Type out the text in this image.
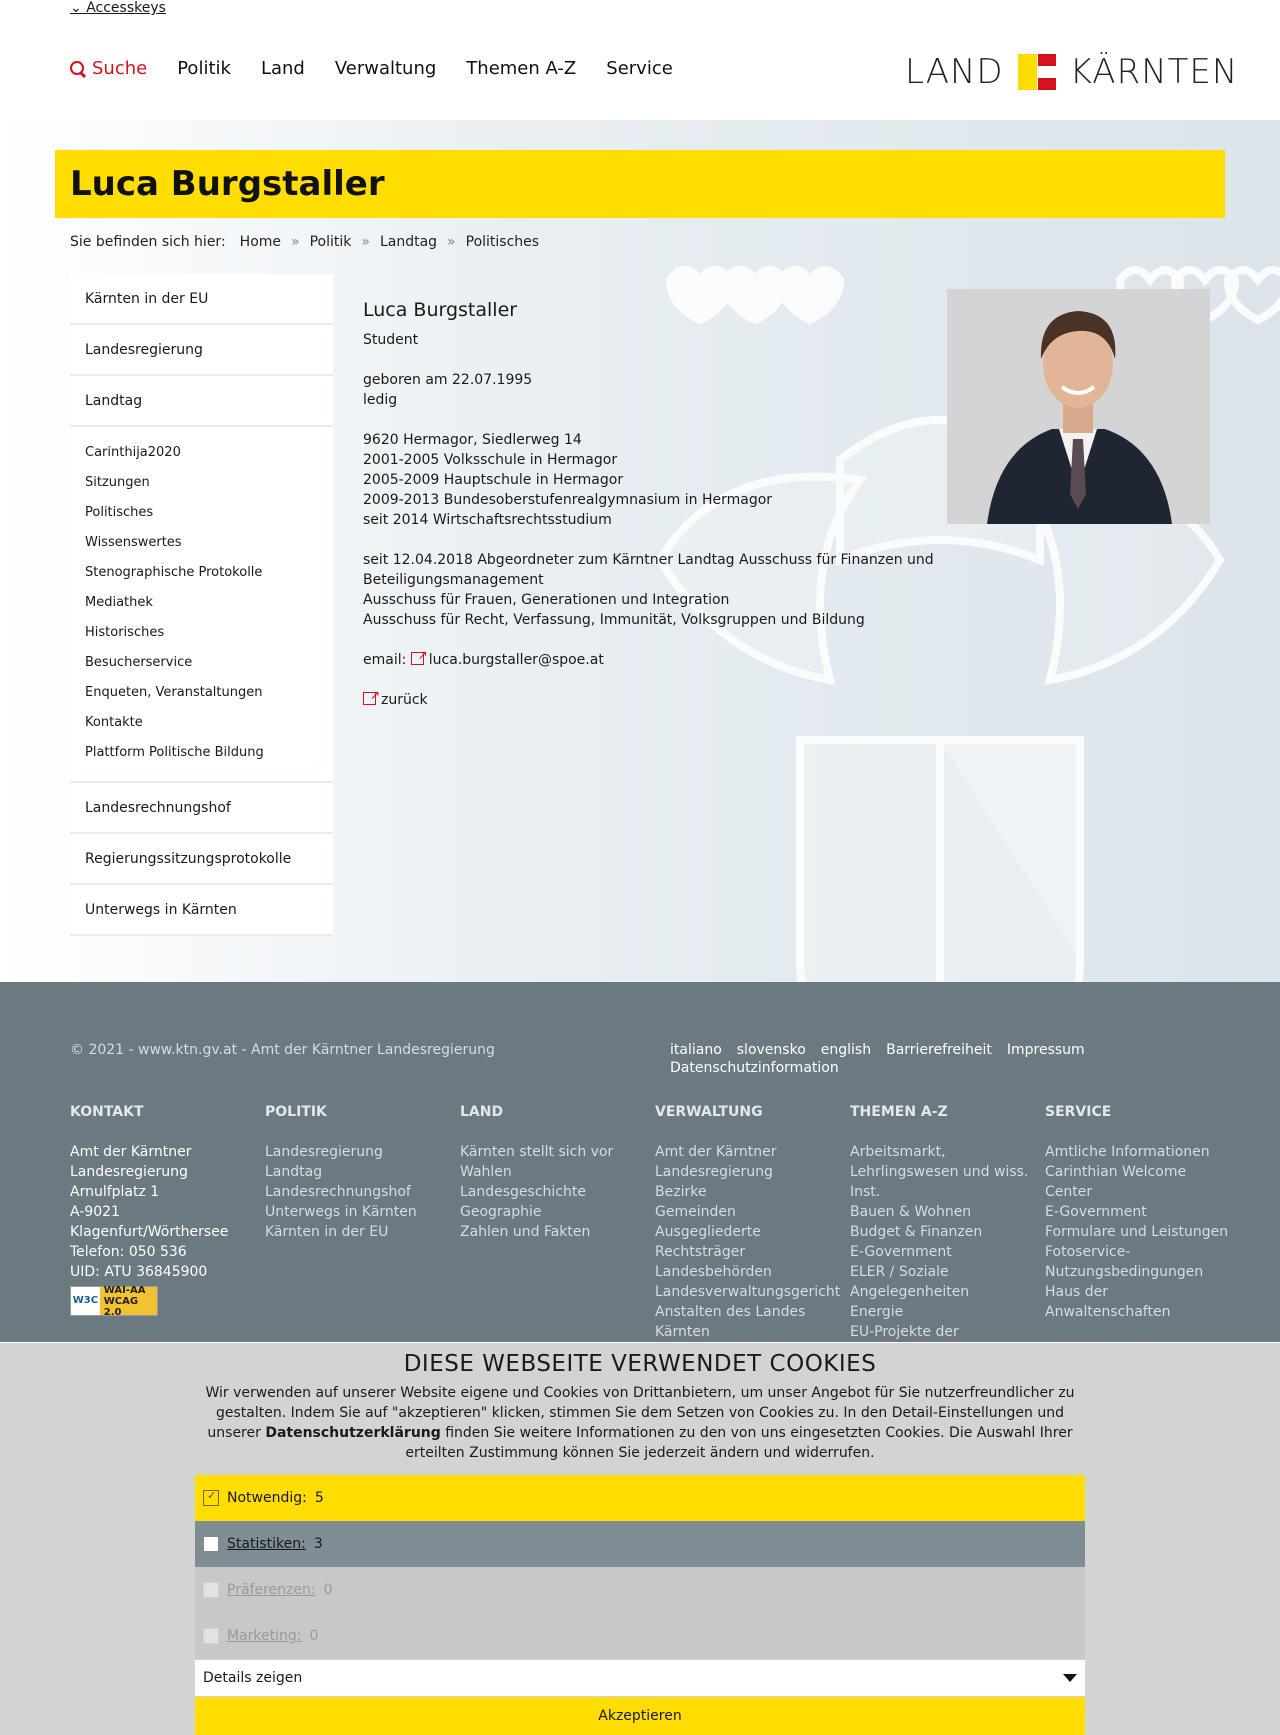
⌄ Accesskeys
Suche Politik Land Verwaltung Themen A-Z Service	LAND KÄRNTEN
Luca Burgstaller
Sie befinden sich hier: Home » Politik » Landtag » Politisches
Kärnten in der EU
Landesregierung
Landtag
Carinthija2020
Sitzungen
Politisches
Wissenswertes
Stenographische Protokolle
Mediathek
Historisches
Besucherservice
Enqueten, Veranstaltungen
Kontakte
Plattform Politische Bildung
Landesrechnungshof
Regierungssitzungsprotokolle
Unterwegs in Kärnten
Luca Burgstaller

Student

geboren am 22.07.1995
ledig

9620 Hermagor, Siedlerweg 14
2001-2005 Volksschule in Hermagor
2005-2009 Hauptschule in Hermagor
2009-2013 Bundesoberstufenrealgymnasium in Hermagor
seit 2014 Wirtschaftsrechtsstudium

seit 12.04.2018 Abgeordneter zum Kärntner Landtag Ausschuss für Finanzen und Beteiligungsmanagement
Ausschuss für Frauen, Generationen und Integration
Ausschuss für Recht, Verfassung, Immunität, Volksgruppen und Bildung

email: ↗ luca.burgstaller@spoe.at

↗zurück

© 2021 - www.ktn.gv.at - Amt der Kärntner Landesregierung	italiano slovensko english Barrierefreiheit Impressum
Datenschutzinformation
KONTAKT
Amt der Kärntner Landesregierung
Arnulfplatz 1
A-9021 Klagenfurt/Wörthersee
Telefon: 050 536
UID: ATU 36845900
W3C
WAI-AA
WCAG 2.0
POLITIK
Landesregierung
Landtag
Landesrechnungshof
Unterwegs in Kärnten
Kärnten in der EU
LAND
Kärnten stellt sich vor
Wahlen
Landesgeschichte
Geographie
Zahlen und Fakten
VERWALTUNG
Amt der Kärntner Landesregierung
Bezirke
Gemeinden
Ausgegliederte Rechtsträger
Landesbehörden
Landesverwaltungsgericht
Anstalten des Landes Kärnten
THEMEN A-Z
Arbeitsmarkt, Lehrlingswesen und wiss. Inst.
Bauen & Wohnen
Budget & Finanzen
E-Government
ELER / Soziale Angelegenheiten
Energie
EU-Projekte der
SERVICE
Amtliche Informationen
Carinthian Welcome Center
E-Government
Formulare und Leistungen
Fotoservice-Nutzungsbedingungen
Haus der Anwaltenschaften
DIESE WEBSEITE VERWENDET COOKIES
Wir verwenden auf unserer Website eigene und Cookies von Drittanbietern, um unser Angebot für Sie nutzerfreundlicher zu gestalten. Indem Sie auf "akzeptieren" klicken, stimmen Sie dem Setzen von Cookies zu. In den Detail-Einstellungen und unserer Datenschutzerklärung finden Sie weitere Informationen zu den von uns eingesetzten Cookies. Die Auswahl Ihrer erteilten Zustimmung können Sie jederzeit ändern und widerrufen.
✓
Notwendig: 5
Statistiken: 3
Präferenzen: 0
Marketing: 0
Details zeigen
Akzeptieren
